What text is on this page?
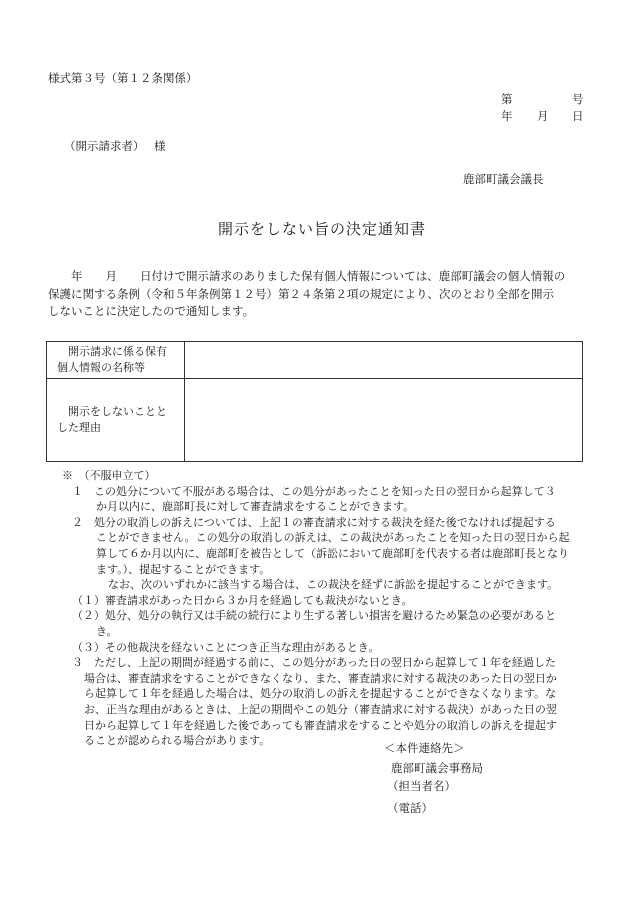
様式第３号（第１２条関係）
第	号
年 月 日
（開示請求者） 様
鹿部町議会議長
開示をしない旨の決定通知書
　　年　　月　　日付けで開示請求のありました保有個人情報については、鹿部町議会の個人情報の
保護に関する条例（令和５年条例第１２号）第２４条第２項の規定により、次のとおり全部を開示
しないことに決定したので通知します。
　開示請求に係る保有
個人情報の名称等	

　開示をしないことと
した理由	

※　（不服申立て）
１　この処分について不服がある場合は、この処分があったことを知った日の翌日から起算して３
か月以内に、鹿部町長に対して審査請求をすることができます。
２　処分の取消しの訴えについては、上記１の審査請求に対する裁決を経た後でなければ提起する
ことができません。この処分の取消しの訴えは、この裁決があったことを知った日の翌日から起
算して６か月以内に、鹿部町を被告として（訴訟において鹿部町を代表する者は鹿部町長となり
ます。）、提起することができます。
なお、次のいずれかに該当する場合は、この裁決を経ずに訴訟を提起することができます。
（１）審査請求があった日から３か月を経過しても裁決がないとき。
（２）処分、処分の執行又は手続の続行により生ずる著しい損害を避けるため緊急の必要があると
き。
（３）その他裁決を経ないことにつき正当な理由があるとき。
３　ただし、上記の期間が経過する前に、この処分があった日の翌日から起算して１年を経過した
場合は、審査請求をすることができなくなり、また、審査請求に対する裁決のあった日の翌日か
ら起算して１年を経過した場合は、処分の取消しの訴えを提起することができなくなります。な
お、正当な理由があるときは、上記の期間やこの処分（審査請求に対する裁決）があった日の翌
日から起算して１年を経過した後であっても審査請求をすることや処分の取消しの訴えを提起す
ることが認められる場合があります。
＜本件連絡先＞
鹿部町議会事務局
（担当者名）
（電話）
